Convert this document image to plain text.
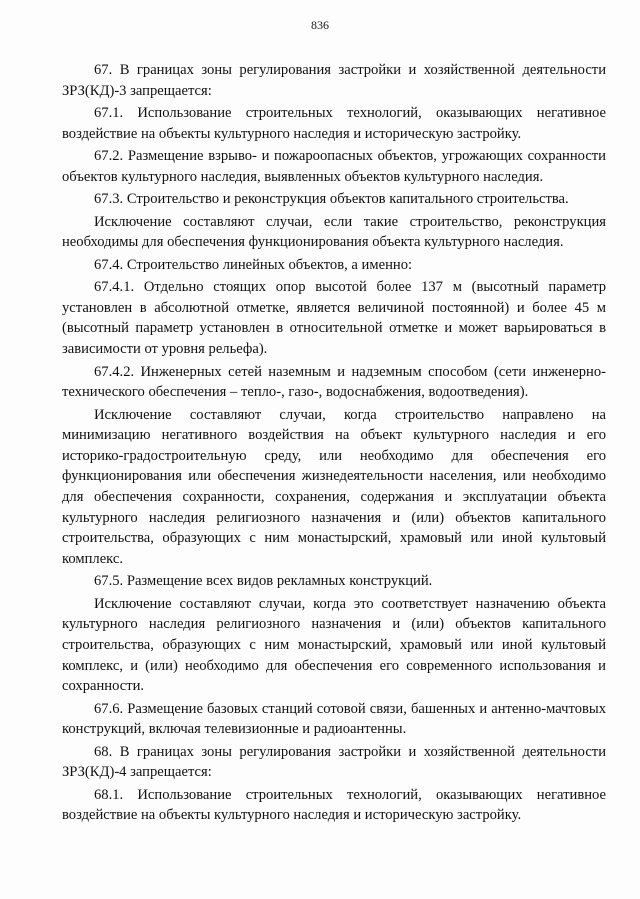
836

67. В границах зоны регулирования застройки и хозяйственной деятельности ЗРЗ(КД)-3 запрещается:

67.1. Использование строительных технологий, оказывающих негативное воздействие на объекты культурного наследия и историческую застройку.

67.2. Размещение взрыво- и пожароопасных объектов, угрожающих сохранности объектов культурного наследия, выявленных объектов культурного наследия.

67.3. Строительство и реконструкция объектов капитального строительства.

Исключение составляют случаи, если такие строительство, реконструкция необходимы для обеспечения функционирования объекта культурного наследия.

67.4. Строительство линейных объектов, а именно:

67.4.1. Отдельно стоящих опор высотой более 137 м (высотный параметр установлен в абсолютной отметке, является величиной постоянной) и более 45 м (высотный параметр установлен в относительной отметке и может варьироваться в зависимости от уровня рельефа).

67.4.2. Инженерных сетей наземным и надземным способом (сети инженерно-технического обеспечения – тепло-, газо-, водоснабжения, водоотведения).

Исключение составляют случаи, когда строительство направлено на минимизацию негативного воздействия на объект культурного наследия и его историко-градостроительную среду, или необходимо для обеспечения его функционирования или обеспечения жизнедеятельности населения, или необходимо для обеспечения сохранности, сохранения, содержания и эксплуатации объекта культурного наследия религиозного назначения и (или) объектов капитального строительства, образующих с ним монастырский, храмовый или иной культовый комплекс.

67.5. Размещение всех видов рекламных конструкций.

Исключение составляют случаи, когда это соответствует назначению объекта культурного наследия религиозного назначения и (или) объектов капитального строительства, образующих с ним монастырский, храмовый или иной культовый комплекс, и (или) необходимо для обеспечения его современного использования и сохранности.

67.6. Размещение базовых станций сотовой связи, башенных и антенно-мачтовых конструкций, включая телевизионные и радиоантенны.

68. В границах зоны регулирования застройки и хозяйственной деятельности ЗРЗ(КД)-4 запрещается:

68.1. Использование строительных технологий, оказывающих негативное воздействие на объекты культурного наследия и историческую застройку.
